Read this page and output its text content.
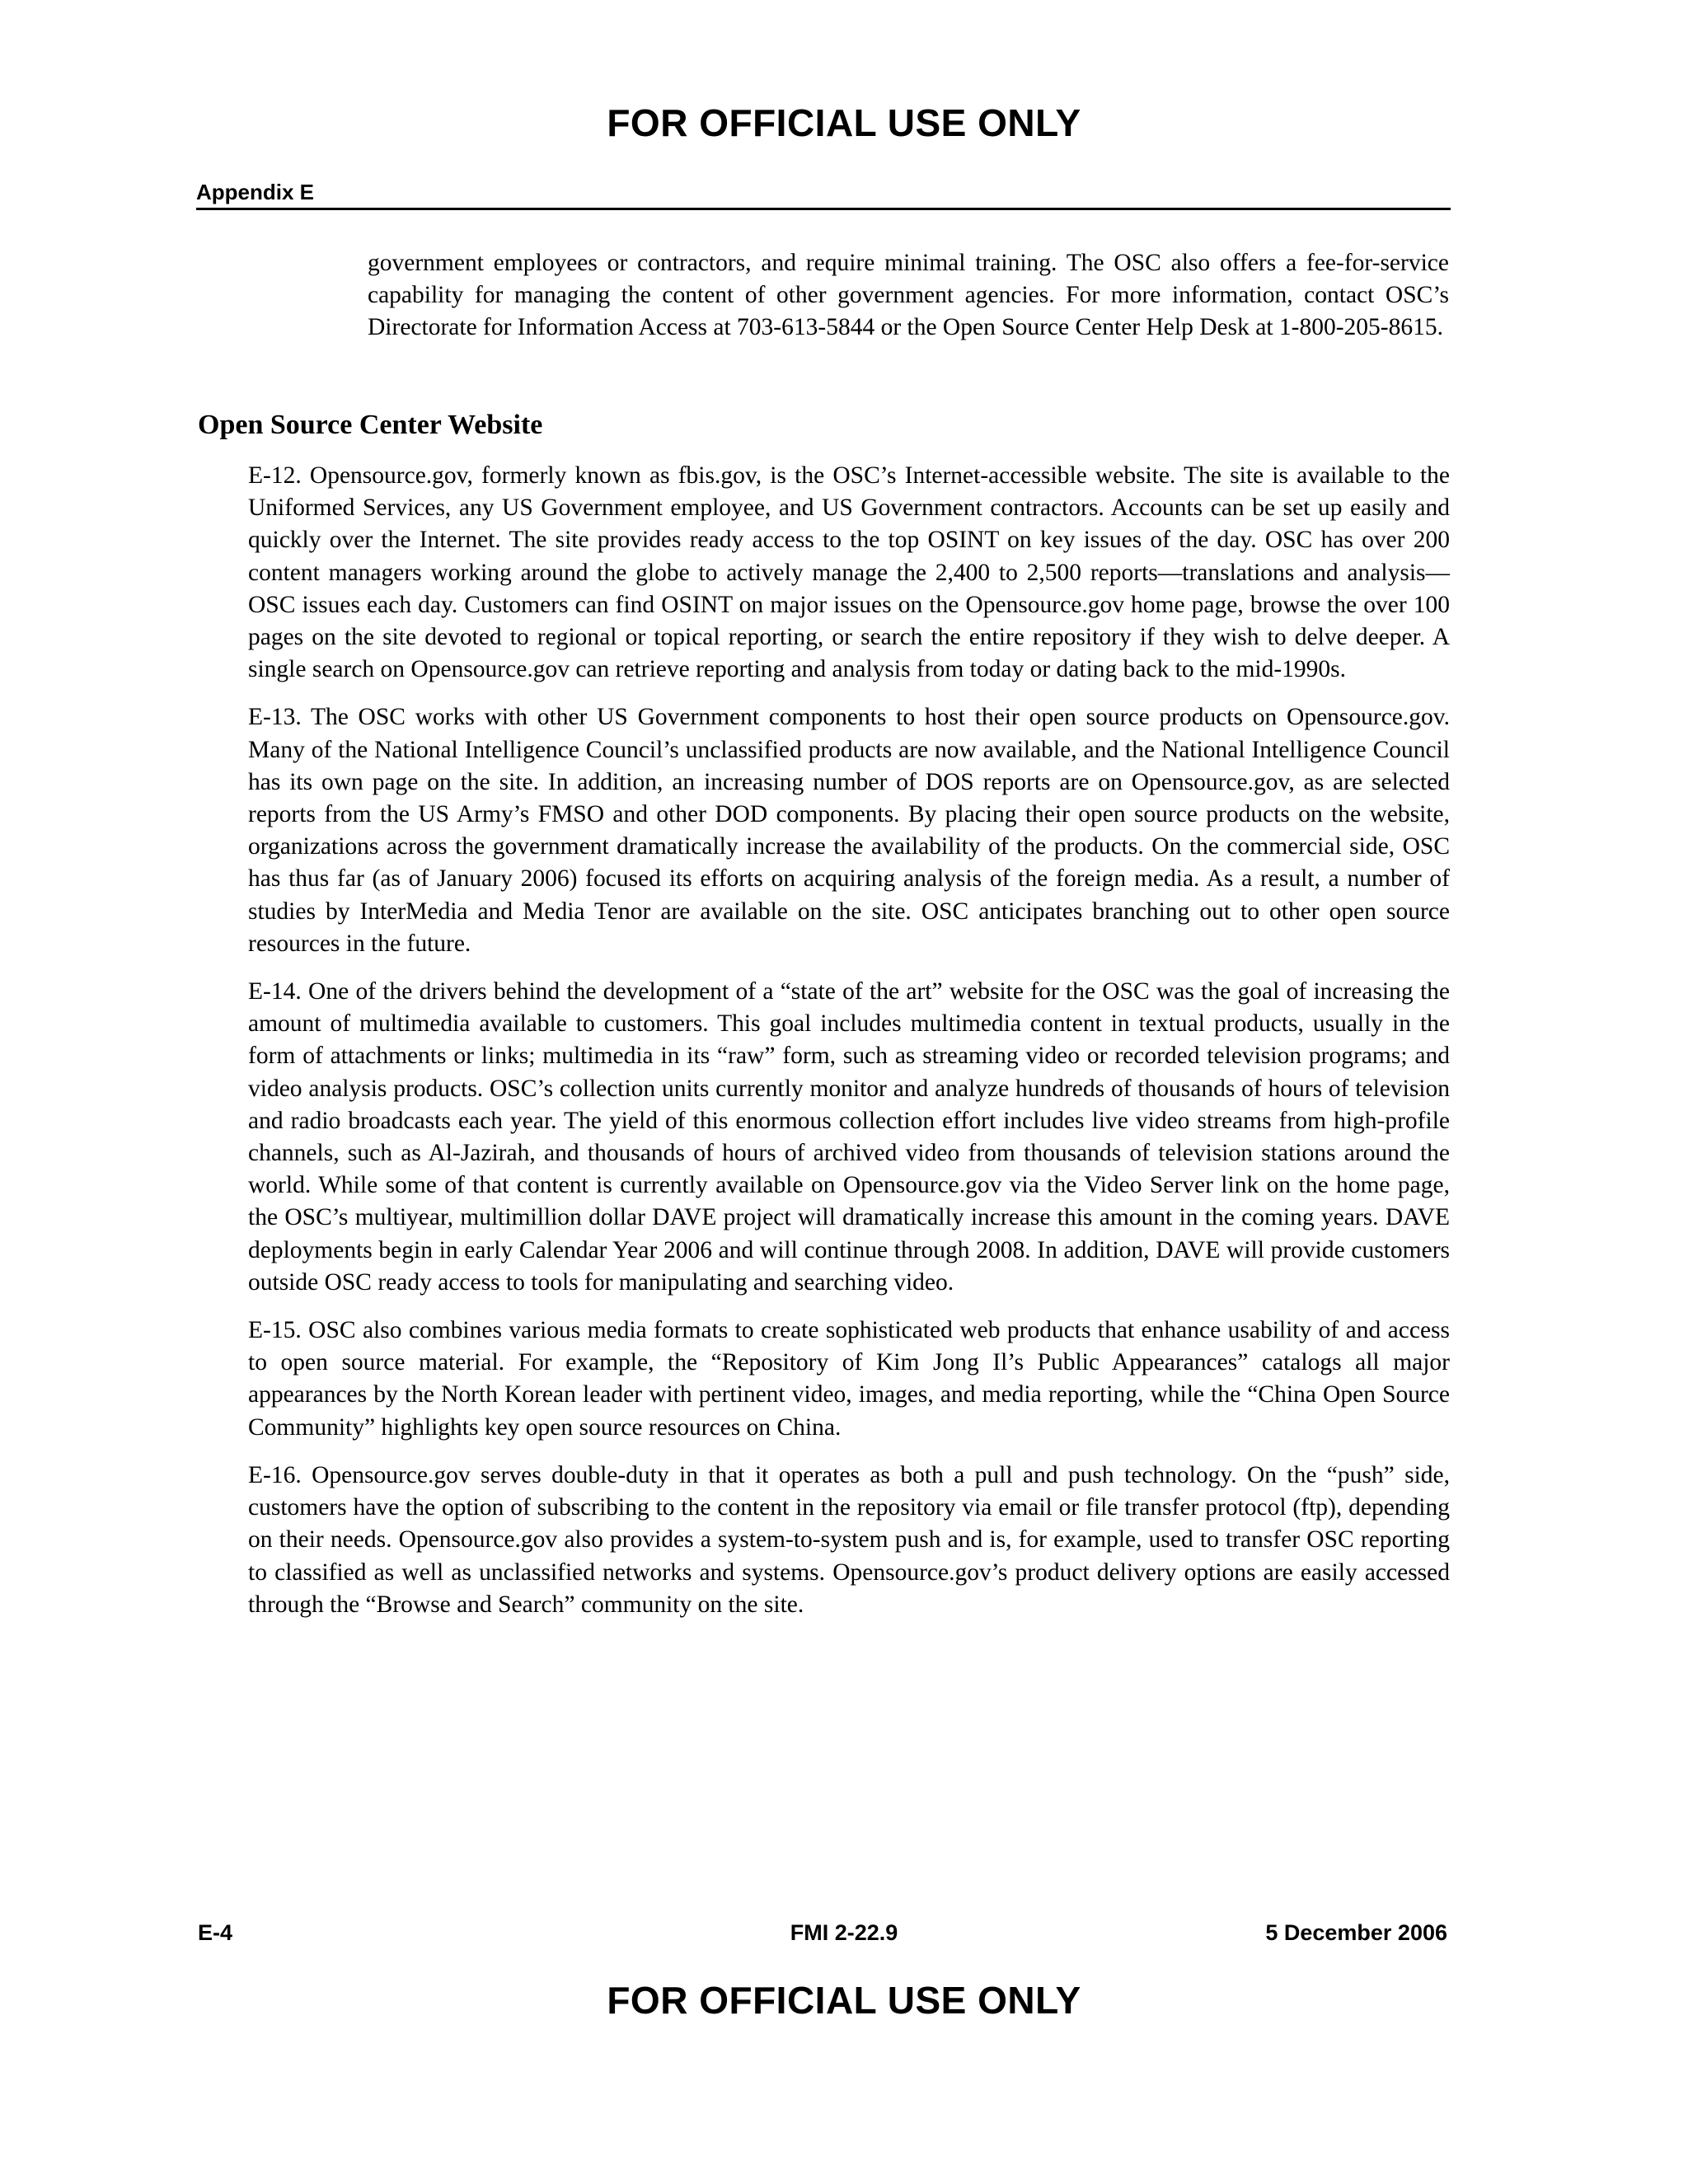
FOR OFFICIAL USE ONLY
Appendix E

government employees or contractors, and require minimal training. The OSC also offers a fee-for-service capability for managing the content of other government agencies. For more information, contact OSC’s Directorate for Information Access at 703-613-5844 or the Open Source Center Help Desk at 1-800-205-8615.

Open Source Center Website

E-12. Opensource.gov, formerly known as fbis.gov, is the OSC’s Internet-accessible website. The site is available to the Uniformed Services, any US Government employee, and US Government contractors. Accounts can be set up easily and quickly over the Internet. The site provides ready access to the top OSINT on key issues of the day. OSC has over 200 content managers working around the globe to actively manage the 2,400 to 2,500 reports—translations and analysis—OSC issues each day. Customers can find OSINT on major issues on the Opensource.gov home page, browse the over 100 pages on the site devoted to regional or topical reporting, or search the entire repository if they wish to delve deeper. A single search on Opensource.gov can retrieve reporting and analysis from today or dating back to the mid-1990s.

E-13. The OSC works with other US Government components to host their open source products on Opensource.gov. Many of the National Intelligence Council’s unclassified products are now available, and the National Intelligence Council has its own page on the site. In addition, an increasing number of DOS reports are on Opensource.gov, as are selected reports from the US Army’s FMSO and other DOD components. By placing their open source products on the website, organizations across the government dramatically increase the availability of the products. On the commercial side, OSC has thus far (as of January 2006) focused its efforts on acquiring analysis of the foreign media. As a result, a number of studies by InterMedia and Media Tenor are available on the site. OSC anticipates branching out to other open source resources in the future.

E-14. One of the drivers behind the development of a “state of the art” website for the OSC was the goal of increasing the amount of multimedia available to customers. This goal includes multimedia content in textual products, usually in the form of attachments or links; multimedia in its “raw” form, such as streaming video or recorded television programs; and video analysis products. OSC’s collection units currently monitor and analyze hundreds of thousands of hours of television and radio broadcasts each year. The yield of this enormous collection effort includes live video streams from high-profile channels, such as Al-Jazirah, and thousands of hours of archived video from thousands of television stations around the world. While some of that content is currently available on Opensource.gov via the Video Server link on the home page, the OSC’s multiyear, multimillion dollar DAVE project will dramatically increase this amount in the coming years. DAVE deployments begin in early Calendar Year 2006 and will continue through 2008. In addition, DAVE will provide customers outside OSC ready access to tools for manipulating and searching video.

E-15. OSC also combines various media formats to create sophisticated web products that enhance usability of and access to open source material. For example, the “Repository of Kim Jong Il’s Public Appearances” catalogs all major appearances by the North Korean leader with pertinent video, images, and media reporting, while the “China Open Source Community” highlights key open source resources on China.

E-16. Opensource.gov serves double-duty in that it operates as both a pull and push technology. On the “push” side, customers have the option of subscribing to the content in the repository via email or file transfer protocol (ftp), depending on their needs. Opensource.gov also provides a system-to-system push and is, for example, used to transfer OSC reporting to classified as well as unclassified networks and systems. Opensource.gov’s product delivery options are easily accessed through the “Browse and Search” community on the site.

E-4	FMI 2-22.9	5 December 2006
FOR OFFICIAL USE ONLY
